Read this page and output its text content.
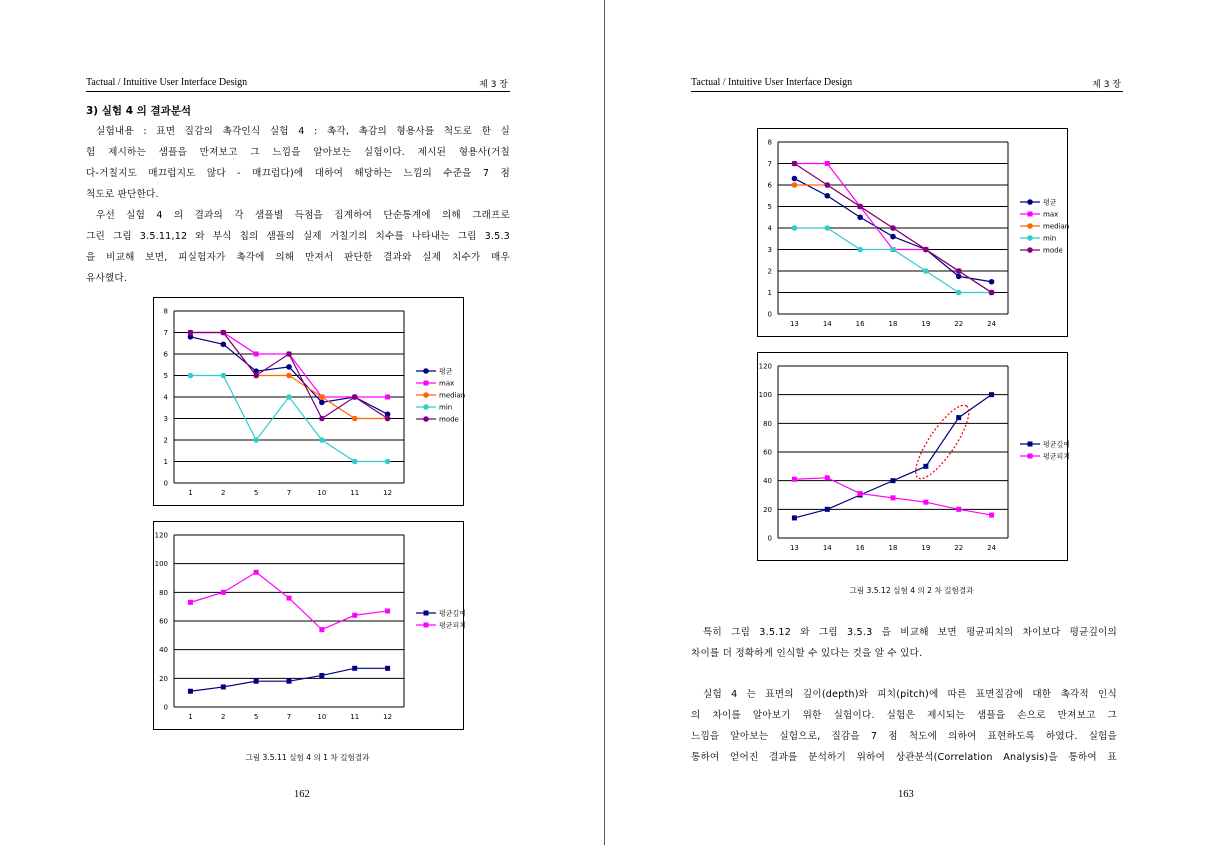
Tactual / Intuitive User Interface Design	제 3 장
3) 실험 4 의 결과분석

실험내용 : 표면 질감의 촉각인식 실험 4 : 촉각, 촉감의 형용사를 척도로 한 실

험 제시하는 샘플을 만져보고 그 느낌을 알아보는 실험이다. 제시된 형용사(거칠

다-거칠지도 매끄럽지도 않다 - 매끄럽다)에 대하여 해당하는 느낌의 수준을 7 점

척도로 판단한다.

우선 실험 4 의 결과의 각 샘플별 득점을 집계하여 단순통계에 의해 그래프로

그린 그림 3.5.11,12 와 부식 칩의 샘플의 실제 거칠기의 치수를 나타내는 그림 3.5.3

을 비교해 보면, 피실험자가 촉각에 의해 만져서 판단한 결과와 실제 치수가 매우

유사했다.

0
1
2
3
4
5
6
7
8
1	2	5	7	10	11	12
평균
max
median
min
mode
0
20
40
60
80
100
120
1	2	5	7	10	11	12
평균깊이
평균피치
그림 3.5.11 실험 4 의 1 차 길험결과
162
Tactual / Intuitive User Interface Design	제 3 장
0
1
2
3
4
5
6
7
8
13	14	16	18	19	22	24
평균
max
median
min
mode
0
20
40
60
80
100
120
13	14	16	18	19	22	24
평균깊이
평균피치
그림 3.5.12 실험 4 의 2 차 길험결과

특히 그림 3.5.12 와 그림 3.5.3 을 비교해 보면 평균피치의 차이보다 평균깊이의

차이를 더 정확하게 인식할 수 있다는 것을 알 수 있다.

실험 4 는 표면의 깊이(depth)와 피치(pitch)에 따른 표면질감에 대한 촉각적 인식

의 차이를 알아보기 위한 실험이다. 실험은 제시되는 샘플을 손으로 만져보고 그

느낌을 알아보는 실험으로, 질감을 7 점 척도에 의하여 표현하도록 하였다. 실험을

통하여 얻어진 결과를 분석하기 위하여 상관분석(Correlation Analysis)을 통하여 표

163
